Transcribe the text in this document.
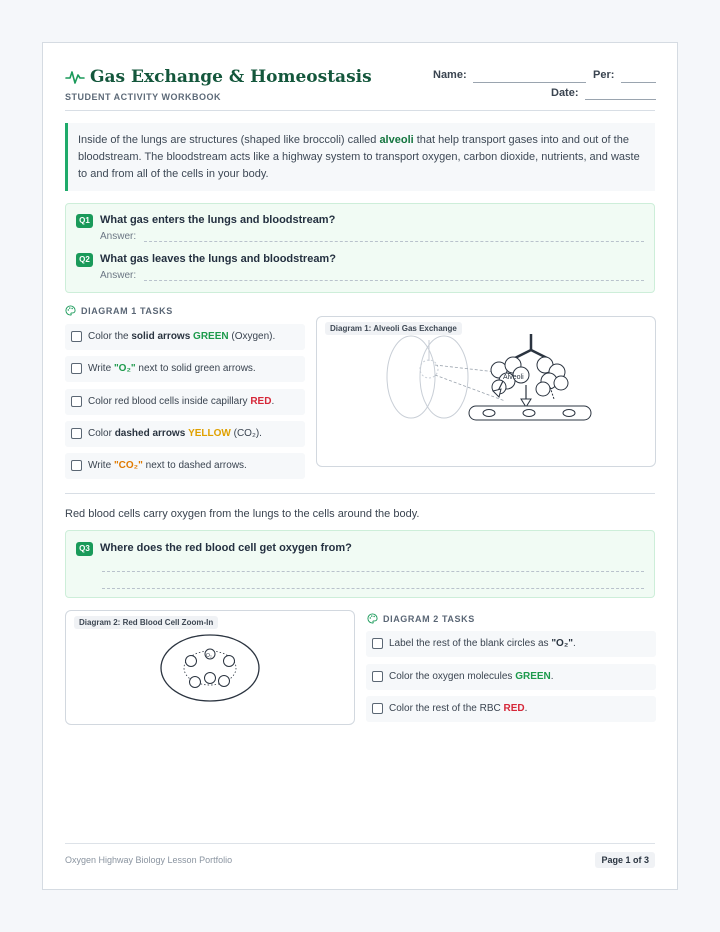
Gas Exchange & Homeostasis
STUDENT ACTIVITY WORKBOOK
Name:	Per:
Date:
Inside of the lungs are structures (shaped like broccoli) called alveoli that help transport gases into and out of the bloodstream. The bloodstream acts like a highway system to transport oxygen, carbon dioxide, nutrients, and waste to and from all of the cells in your body.
Q1 What gas enters the lungs and bloodstream?
Answer:
Q2 What gas leaves the lungs and bloodstream?
Answer:
DIAGRAM 1 TASKS
Color the solid arrows GREEN (Oxygen).
Write "O₂" next to solid green arrows.
Color red blood cells inside capillary RED.
Color dashed arrows YELLOW (CO₂).
Write "CO₂" next to dashed arrows.
Diagram 1: Alveoli Gas Exchange
Alveoli
Red blood cells carry oxygen from the lungs to the cells around the body.
Q3 Where does the red blood cell get oxygen from?
Diagram 2: Red Blood Cell Zoom-In
O₂
DIAGRAM 2 TASKS
Label the rest of the blank circles as "O₂".
Color the oxygen molecules GREEN.
Color the rest of the RBC RED.
Oxygen Highway Biology Lesson Portfolio	Page 1 of 3
